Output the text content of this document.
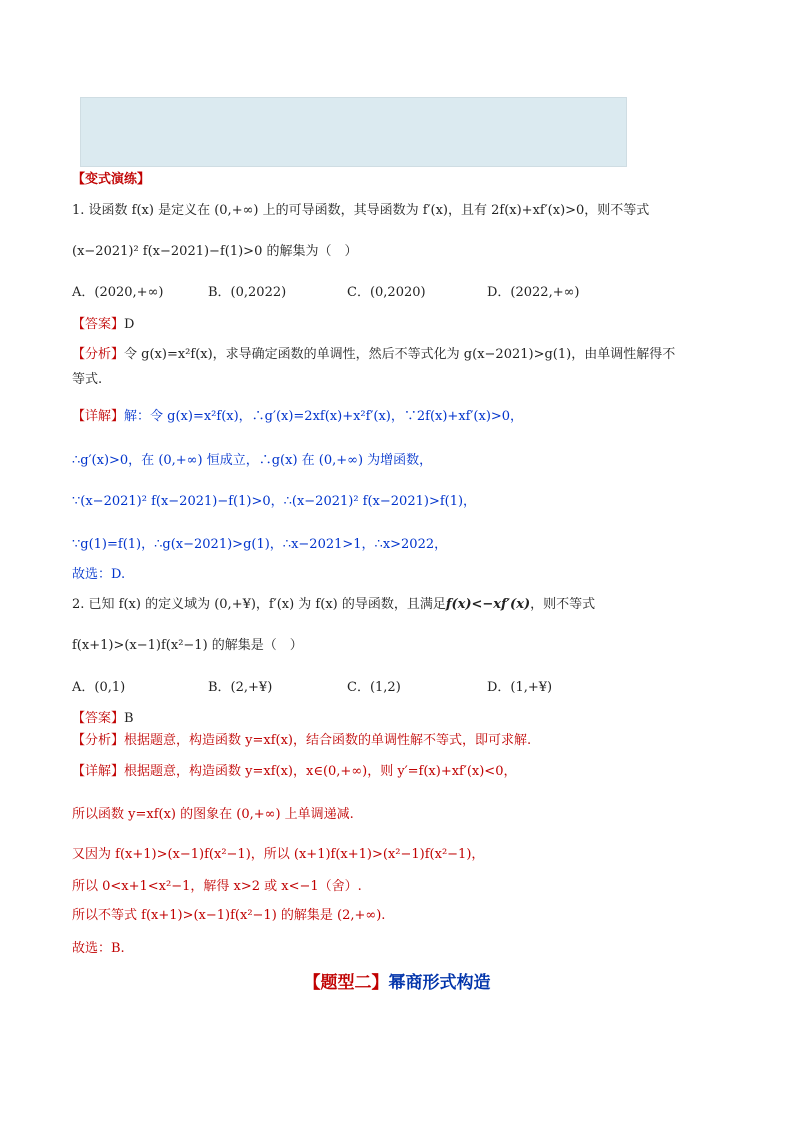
【变式演练】
1. 设函数 f(x) 是定义在 (0,+∞) 上的可导函数，其导函数为 f′(x)，且有 2f(x)+xf′(x)>0，则不等式
(x−2021)² f(x−2021)−f(1)>0 的解集为（　）
A．(2020,+∞)	B．(0,2022)	C．(0,2020)	D．(2022,+∞)
【答案】D
【分析】令 g(x)=x²f(x)，求导确定函数的单调性，然后不等式化为 g(x−2021)>g(1)，由单调性解得不
等式.
【详解】解：令 g(x)=x²f(x)，∴g′(x)=2xf(x)+x²f′(x)，∵2f(x)+xf′(x)>0，
∴g′(x)>0，在 (0,+∞) 恒成立，∴g(x) 在 (0,+∞) 为增函数，
∵(x−2021)² f(x−2021)−f(1)>0，∴(x−2021)² f(x−2021)>f(1)，
∵g(1)=f(1)，∴g(x−2021)>g(1)，∴x−2021>1，∴x>2022，
故选：D.
2. 已知 f(x) 的定义域为 (0,+¥)，f′(x) 为 f(x) 的导函数，且满足f(x)<−xf′(x)，则不等式
f(x+1)>(x−1)f(x²−1) 的解集是（　）
A．(0,1)	B．(2,+¥)	C．(1,2)	D．(1,+¥)
【答案】B
【分析】根据题意，构造函数 y=xf(x)，结合函数的单调性解不等式，即可求解.
【详解】根据题意，构造函数 y=xf(x)，x∈(0,+∞)，则 y′=f(x)+xf′(x)<0，
所以函数 y=xf(x) 的图象在 (0,+∞) 上单调递减.
又因为 f(x+1)>(x−1)f(x²−1)，所以 (x+1)f(x+1)>(x²−1)f(x²−1)，
所以 0<x+1<x²−1，解得 x>2 或 x<−1（舍）.
所以不等式 f(x+1)>(x−1)f(x²−1) 的解集是 (2,+∞).
故选：B.
【题型二】幂商形式构造
